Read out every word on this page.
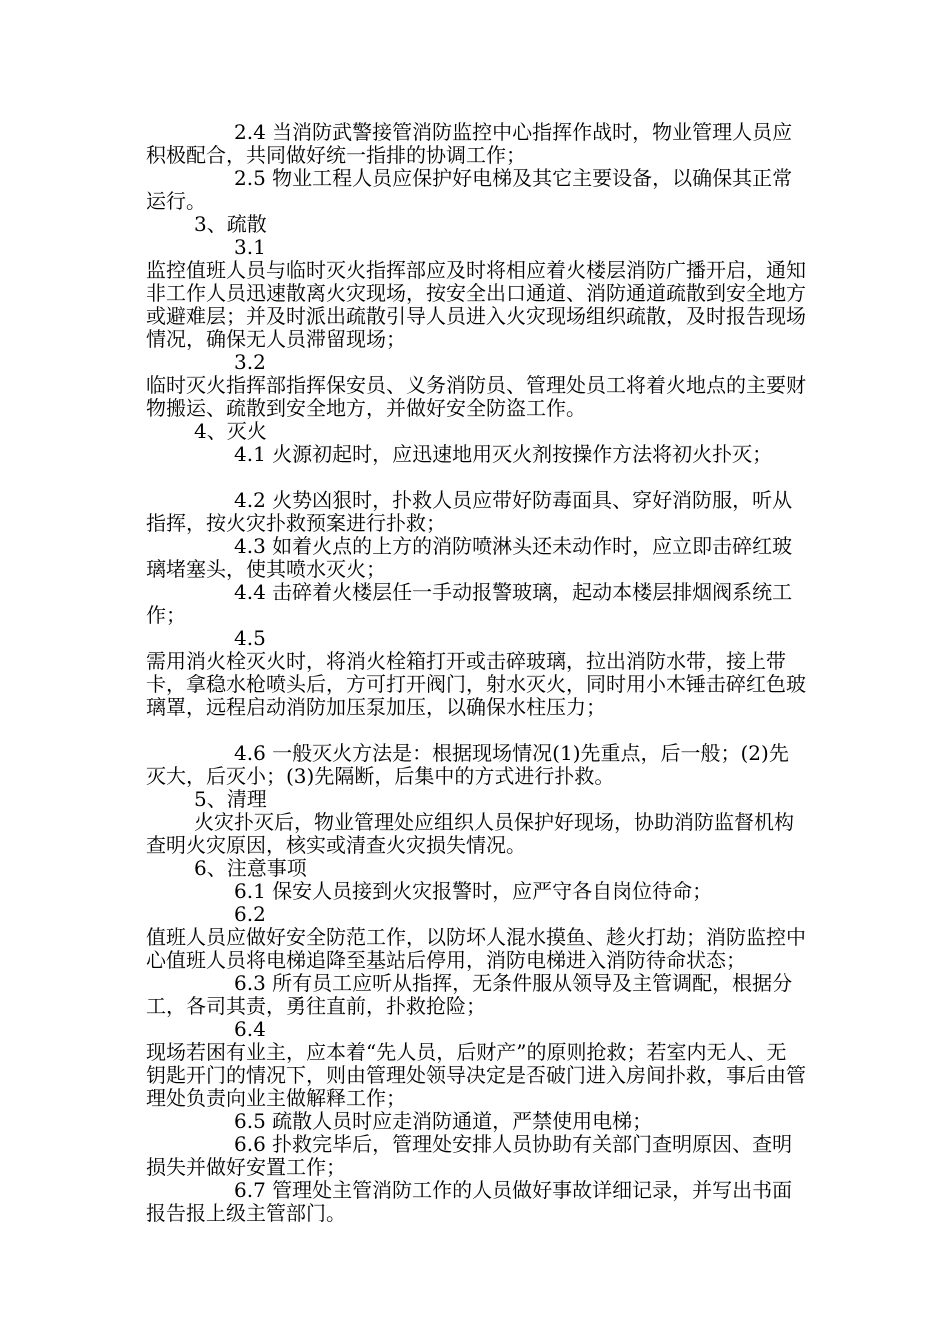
2.4 当消防武警接管消防监控中心指挥作战时，物业管理人员应积极配合，共同做好统一指排的协调工作；

2.5 物业工程人员应保护好电梯及其它主要设备，以确保其正常运行。

3、疏散

3.1

监控值班人员与临时灭火指挥部应及时将相应着火楼层消防广播开启，通知非工作人员迅速散离火灾现场，按安全出口通道、消防通道疏散到安全地方或避难层；并及时派出疏散引导人员进入火灾现场组织疏散，及时报告现场情况，确保无人员滞留现场；

3.2

临时灭火指挥部指挥保安员、义务消防员、管理处员工将着火地点的主要财物搬运、疏散到安全地方，并做好安全防盗工作。

4、灭火

4.1 火源初起时，应迅速地用灭火剂按操作方法将初火扑灭；

4.2 火势凶狠时，扑救人员应带好防毒面具、穿好消防服，听从指挥，按火灾扑救预案进行扑救；

4.3 如着火点的上方的消防喷淋头还未动作时，应立即击碎红玻璃堵塞头，使其喷水灭火；

4.4 击碎着火楼层任一手动报警玻璃，起动本楼层排烟阀系统工作；

4.5

需用消火栓灭火时，将消火栓箱打开或击碎玻璃，拉出消防水带，接上带卡，拿稳水枪喷头后，方可打开阀门，射水灭火，同时用小木锤击碎红色玻璃罩，远程启动消防加压泵加压，以确保水柱压力；

4.6 一般灭火方法是：根据现场情况(1)先重点，后一般；(2)先灭大，后灭小；(3)先隔断，后集中的方式进行扑救。

5、清理

火灾扑灭后，物业管理处应组织人员保护好现场，协助消防监督机构查明火灾原因，核实或清查火灾损失情况。

6、注意事项

6.1 保安人员接到火灾报警时，应严守各自岗位待命；

6.2

值班人员应做好安全防范工作，以防坏人混水摸鱼、趁火打劫；消防监控中心值班人员将电梯追降至基站后停用，消防电梯进入消防待命状态；

6.3 所有员工应听从指挥，无条件服从领导及主管调配，根据分工，各司其责，勇往直前，扑救抢险；

6.4

现场若困有业主，应本着“先人员，后财产”的原则抢救；若室内无人、无钥匙开门的情况下，则由管理处领导决定是否破门进入房间扑救，事后由管理处负责向业主做解释工作；

6.5 疏散人员时应走消防通道，严禁使用电梯；

6.6 扑救完毕后，管理处安排人员协助有关部门查明原因、查明损失并做好安置工作；

6.7 管理处主管消防工作的人员做好事故详细记录，并写出书面报告报上级主管部门。
